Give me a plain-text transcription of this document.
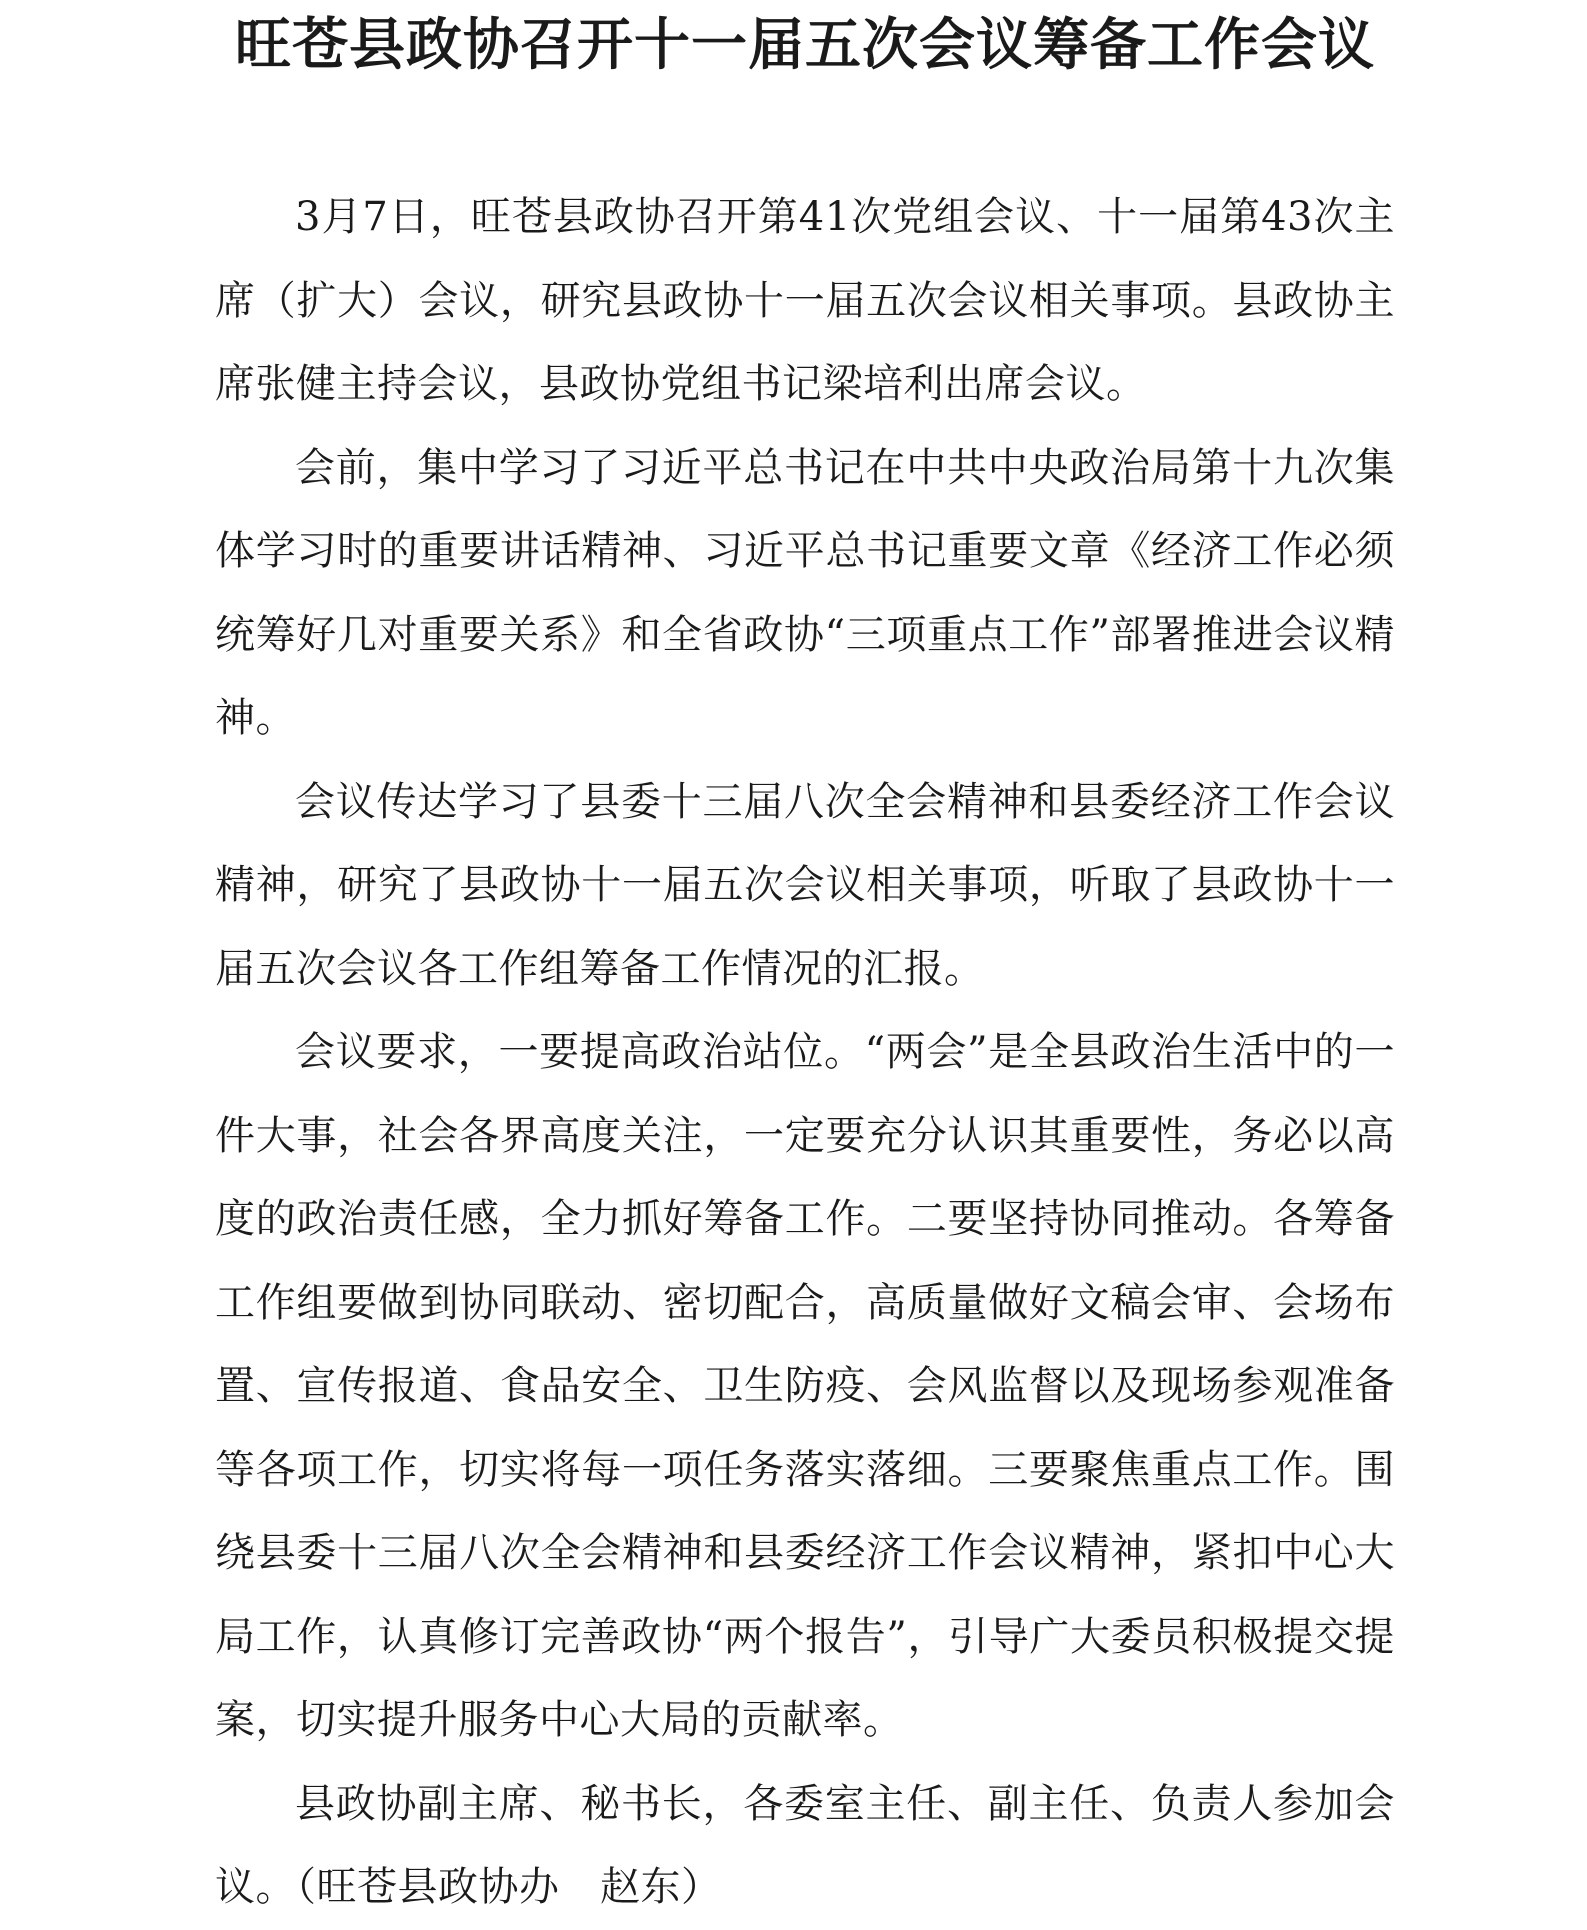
旺苍县政协召开十一届五次会议筹备工作会议

3月7日，旺苍县政协召开第41次党组会议、十一届第43次主席（扩大）会议，研究县政协十一届五次会议相关事项。县政协主席张健主持会议，县政协党组书记梁培利出席会议。

会前，集中学习了习近平总书记在中共中央政治局第十九次集体学习时的重要讲话精神、习近平总书记重要文章《经济工作必须统筹好几对重要关系》和全省政协“三项重点工作”部署推进会议精神。

会议传达学习了县委十三届八次全会精神和县委经济工作会议精神，研究了县政协十一届五次会议相关事项，听取了县政协十一届五次会议各工作组筹备工作情况的汇报。

会议要求，一要提高政治站位。“两会”是全县政治生活中的一件大事，社会各界高度关注，一定要充分认识其重要性，务必以高度的政治责任感，全力抓好筹备工作。二要坚持协同推动。各筹备工作组要做到协同联动、密切配合，高质量做好文稿会审、会场布置、宣传报道、食品安全、卫生防疫、会风监督以及现场参观准备等各项工作，切实将每一项任务落实落细。三要聚焦重点工作。围绕县委十三届八次全会精神和县委经济工作会议精神，紧扣中心大局工作，认真修订完善政协“两个报告”，引导广大委员积极提交提案，切实提升服务中心大局的贡献率。

县政协副主席、秘书长，各委室主任、副主任、负责人参加会议。（旺苍县政协办　赵东）
